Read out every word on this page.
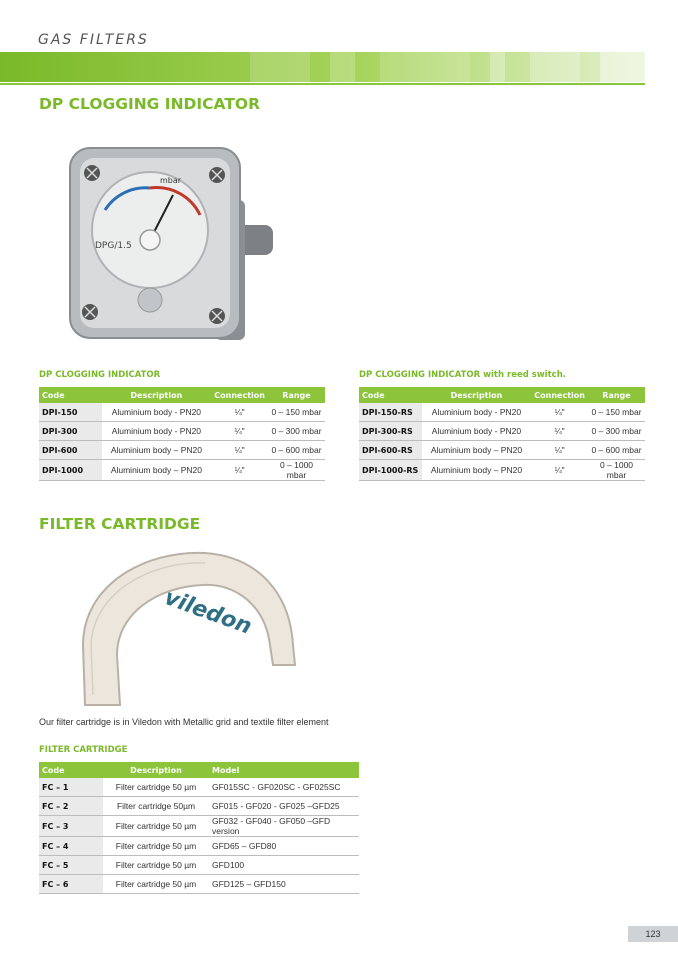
GAS FILTERS
DP CLOGGING INDICATOR
mbar
DPG/1.5
DP CLOGGING INDICATOR
Code	Description	Connection	Range
DPI-150	Aluminium body - PN20	¼"	0 – 150 mbar
DPI-300	Aluminium body - PN20	¼"	0 – 300 mbar
DPI-600	Aluminium body – PN20	¼"	0 – 600 mbar
DPI-1000	Aluminium body – PN20	¼"	0 – 1000 mbar
DP CLOGGING INDICATOR with reed switch.
Code	Description	Connection	Range
DPI-150-RS	Aluminium body - PN20	¼"	0 – 150 mbar
DPI-300-RS	Aluminium body - PN20	¼"	0 – 300 mbar
DPI-600-RS	Aluminium body – PN20	¼"	0 – 600 mbar
DPI-1000-RS	Aluminium body – PN20	¼"	0 – 1000 mbar
FILTER CARTRIDGE
viledon
Our filter cartridge is in Viledon with Metallic grid and textile filter element
FILTER CARTRIDGE
Code	Description	Model
FC – 1	Filter cartridge 50 µm	GF015SC - GF020SC - GF025SC
FC – 2	Filter cartridge 50µm	GF015 - GF020 - GF025 –GFD25
FC – 3	Filter cartridge 50 µm	GF032 - GF040 - GF050 –GFD version
FC – 4	Filter cartridge 50 µm	GFD65 – GFD80
FC – 5	Filter cartridge 50 µm	GFD100
FC – 6	Filter cartridge 50 µm	GFD125 – GFD150
123
